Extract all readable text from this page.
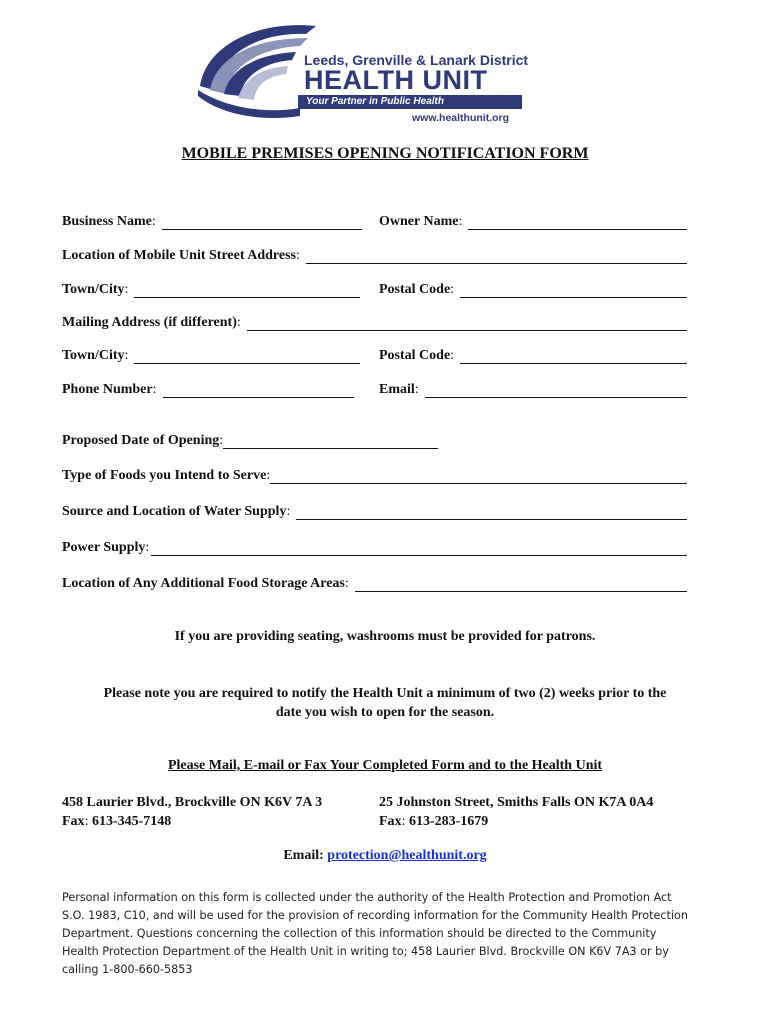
Leeds, Grenville & Lanark District
HEALTH UNIT
Your Partner in Public Health
www.healthunit.org
MOBILE PREMISES OPENING NOTIFICATION FORM
Business Name :	Owner Name :
Location of Mobile Unit Street Address :
Town/City :	Postal Code :
Mailing Address (if different) :
Town/City :	Postal Code :
Phone Number :	Email :
Proposed Date of Opening :
Type of Foods you Intend to Serve :
Source and Location of Water Supply :
Power Supply :
Location of Any Additional Food Storage Areas :
If you are providing seating, washrooms must be provided for patrons.
Please note you are required to notify the Health Unit a minimum of two (2) weeks prior to the
date you wish to open for the season.
Please Mail, E-mail or Fax Your Completed Form and to the Health Unit
458 Laurier Blvd., Brockville ON K6V 7A 3
Fax: 613-345-7148
25 Johnston Street, Smiths Falls ON K7A 0A4
Fax: 613-283-1679
Email: protection@healthunit.org
Personal information on this form is collected under the authority of the Health Protection and Promotion Act
S.O. 1983, C10, and will be used for the provision of recording information for the Community Health Protection
Department. Questions concerning the collection of this information should be directed to the Community
Health Protection Department of the Health Unit in writing to; 458 Laurier Blvd. Brockville ON K6V 7A3 or by
calling 1-800-660-5853
